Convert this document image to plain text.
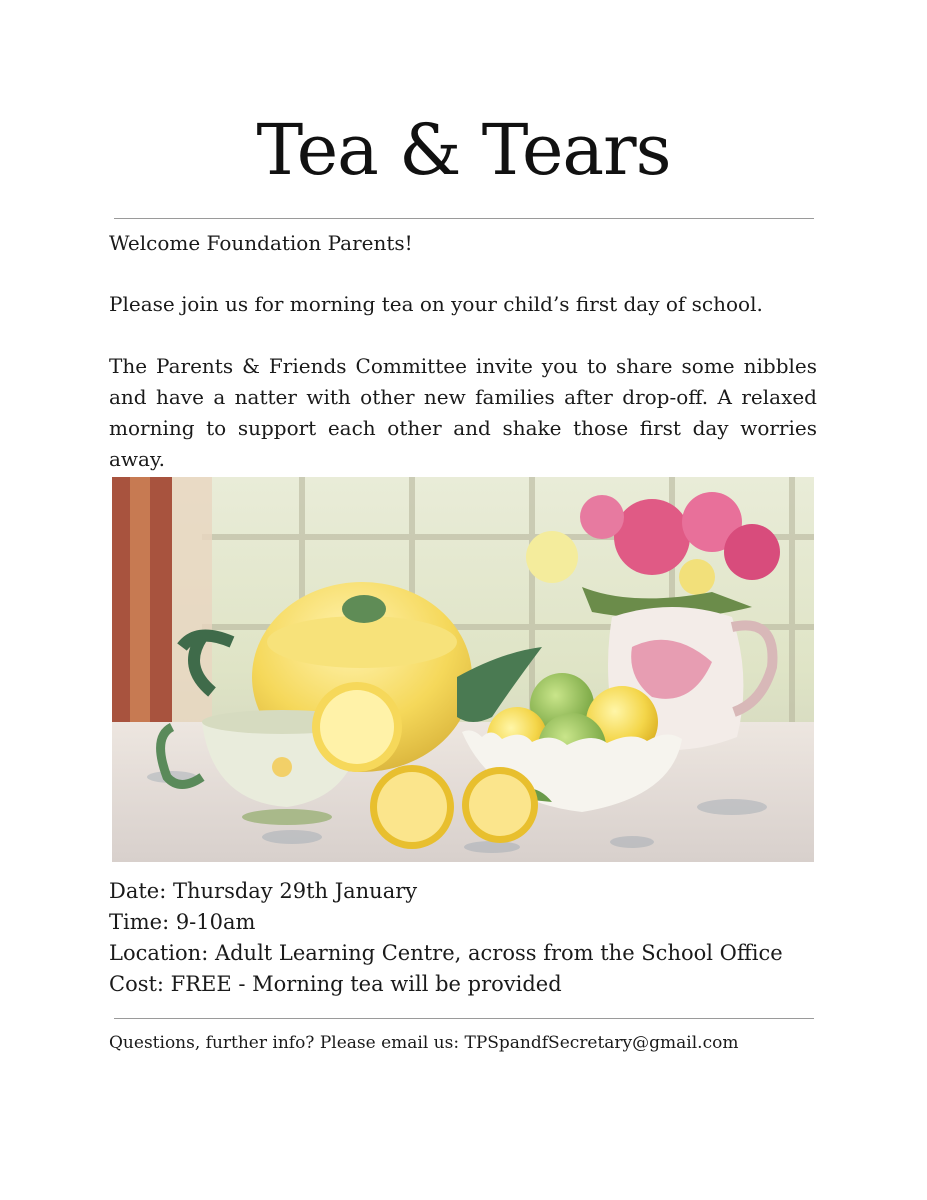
Tea & Tears
Welcome Foundation Parents!
Please join us for morning tea on your child’s first day of school.
The Parents & Friends Committee invite you to share some nibbles and have a natter with other new families after drop-off. A relaxed morning to support each other and shake those first day worries away.
Date: Thursday 29th January
Time: 9-10am
Location: Adult Learning Centre, across from the School Office
Cost: FREE - Morning tea will be provided
Questions, further info? Please email us: TPSpandfSecretary@gmail.com
